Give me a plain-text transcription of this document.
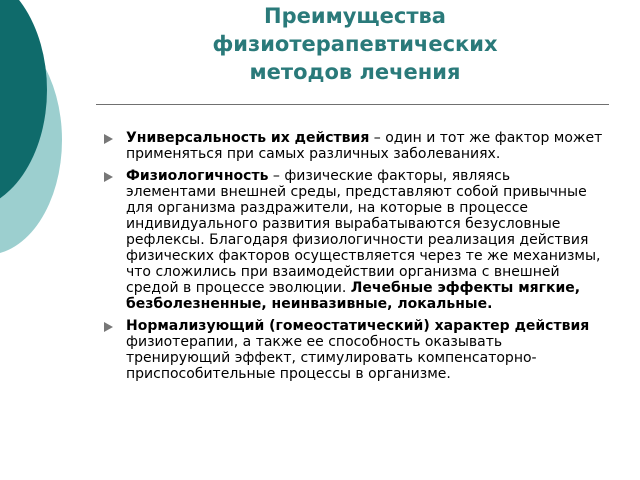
Преимущества
физиотерапевтических
методов лечения
Универсальность их действия – один и тот же фактор может применяться при самых различных заболеваниях.
Физиологичность – физические факторы, являясь элементами внешней среды, представляют собой привычные для организма раздражители, на которые в процессе индивидуального развития вырабатываются безусловные рефлексы. Благодаря физиологичности реализация действия физических факторов осуществляется через те же механизмы, что сложились при взаимодействии организма с внешней средой в процессе эволюции. Лечебные эффекты мягкие, безболезненные, неинвазивные, локальные.
Нормализующий (гомеостатический) характер действия физиотерапии, а также ее способность оказывать тренирующий эффект, стимулировать компенсаторно-приспособительные процессы в организме.
